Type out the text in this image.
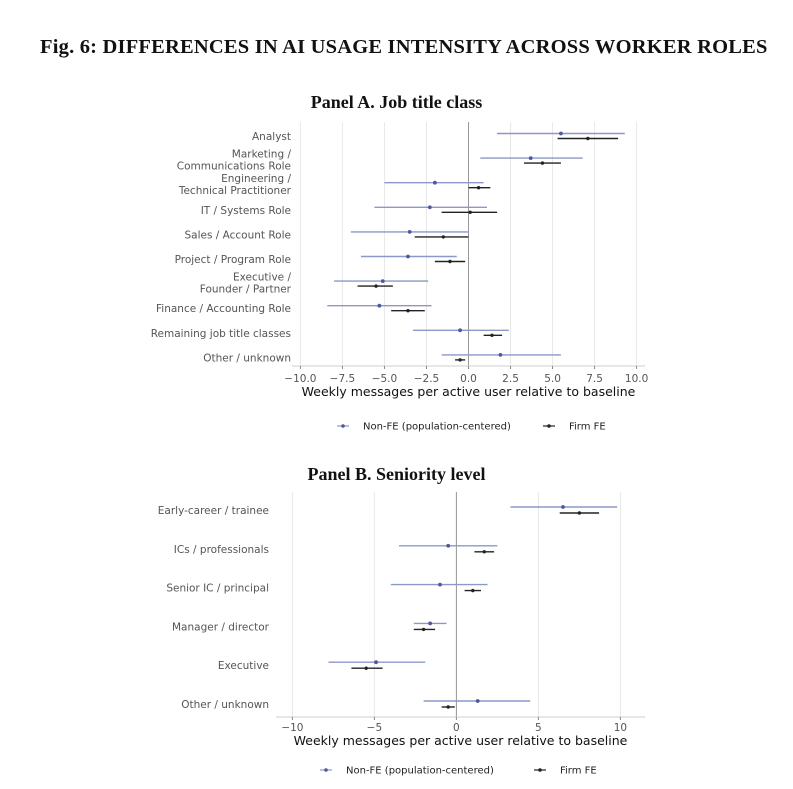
Fig. 6: DIFFERENCES IN AI USAGE INTENSITY ACROSS WORKER ROLES
Panel A. Job title class
Panel B. Seniority level
−10.0 −7.5 −5.0 −2.5 0.0 2.5 5.0 7.5 10.0
Weekly messages per active user relative to baseline
Analyst
Marketing / Communications Role
Engineering / Technical Practitioner
IT / Systems Role
Sales / Account Role
Project / Program Role
Executive / Founder / Partner
Finance / Accounting Role
Remaining job title classes
Other / unknown
Non-FE (population-centered)	Firm FE
−10	−5	0	5	10
Weekly messages per active user relative to baseline
Early-career / trainee
ICs / professionals
Senior IC / principal
Manager / director
Executive
Other / unknown
Non-FE (population-centered)	Firm FE
